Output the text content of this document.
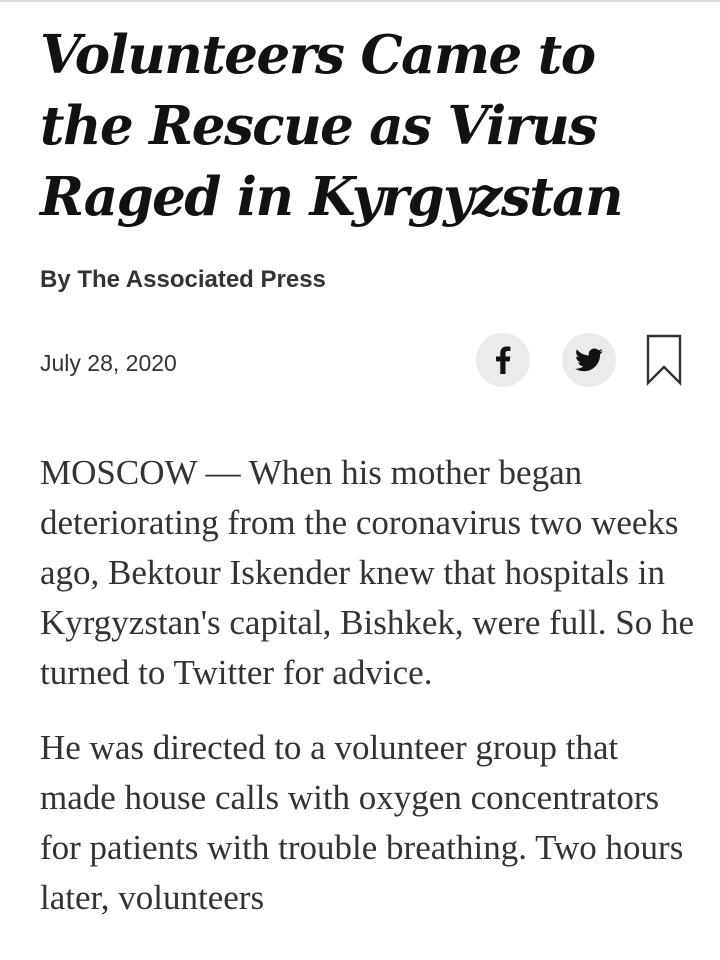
Volunteers Came to the Rescue as Virus Raged in Kyrgyzstan
By The Associated Press
July 28, 2020

MOSCOW — When his mother began deteriorating from the coronavirus two weeks ago, Bektour Iskender knew that hospitals in Kyrgyzstan's capital, Bishkek, were full. So he turned to Twitter for advice.

He was directed to a volunteer group that made house calls with oxygen concentrators for patients with trouble breathing. Two hours later, volunteers
